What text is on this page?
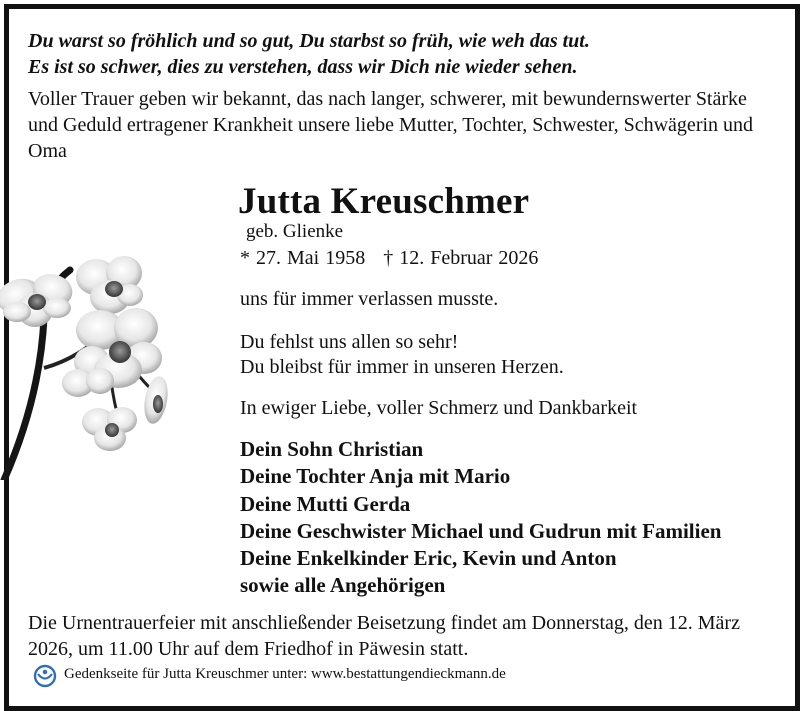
Du warst so fröhlich und so gut, Du starbst so früh, wie weh das tut.
Es ist so schwer, dies zu verstehen, dass wir Dich nie wieder sehen.
Voller Trauer geben wir bekannt, das nach langer, schwerer, mit bewundernswerter Stärke und Geduld ertragener Krankheit unsere liebe Mutter, Tochter, Schwester, Schwägerin und Oma
Jutta Kreuschmer
geb. Glienke
* 27. Mai 1958   † 12. Februar 2026
uns für immer verlassen musste.
Du fehlst uns allen so sehr!
Du bleibst für immer in unseren Herzen.
In ewiger Liebe, voller Schmerz und Dankbarkeit
Dein Sohn Christian
Deine Tochter Anja mit Mario
Deine Mutti Gerda
Deine Geschwister Michael und Gudrun mit Familien
Deine Enkelkinder Eric, Kevin und Anton
sowie alle Angehörigen
Die Urnentrauerfeier mit anschließender Beisetzung findet am Donnerstag, den 12. März 2026, um 11.00 Uhr auf dem Friedhof in Päwesin statt.
Gedenkseite für Jutta Kreuschmer unter: www.bestattungendieckmann.de
